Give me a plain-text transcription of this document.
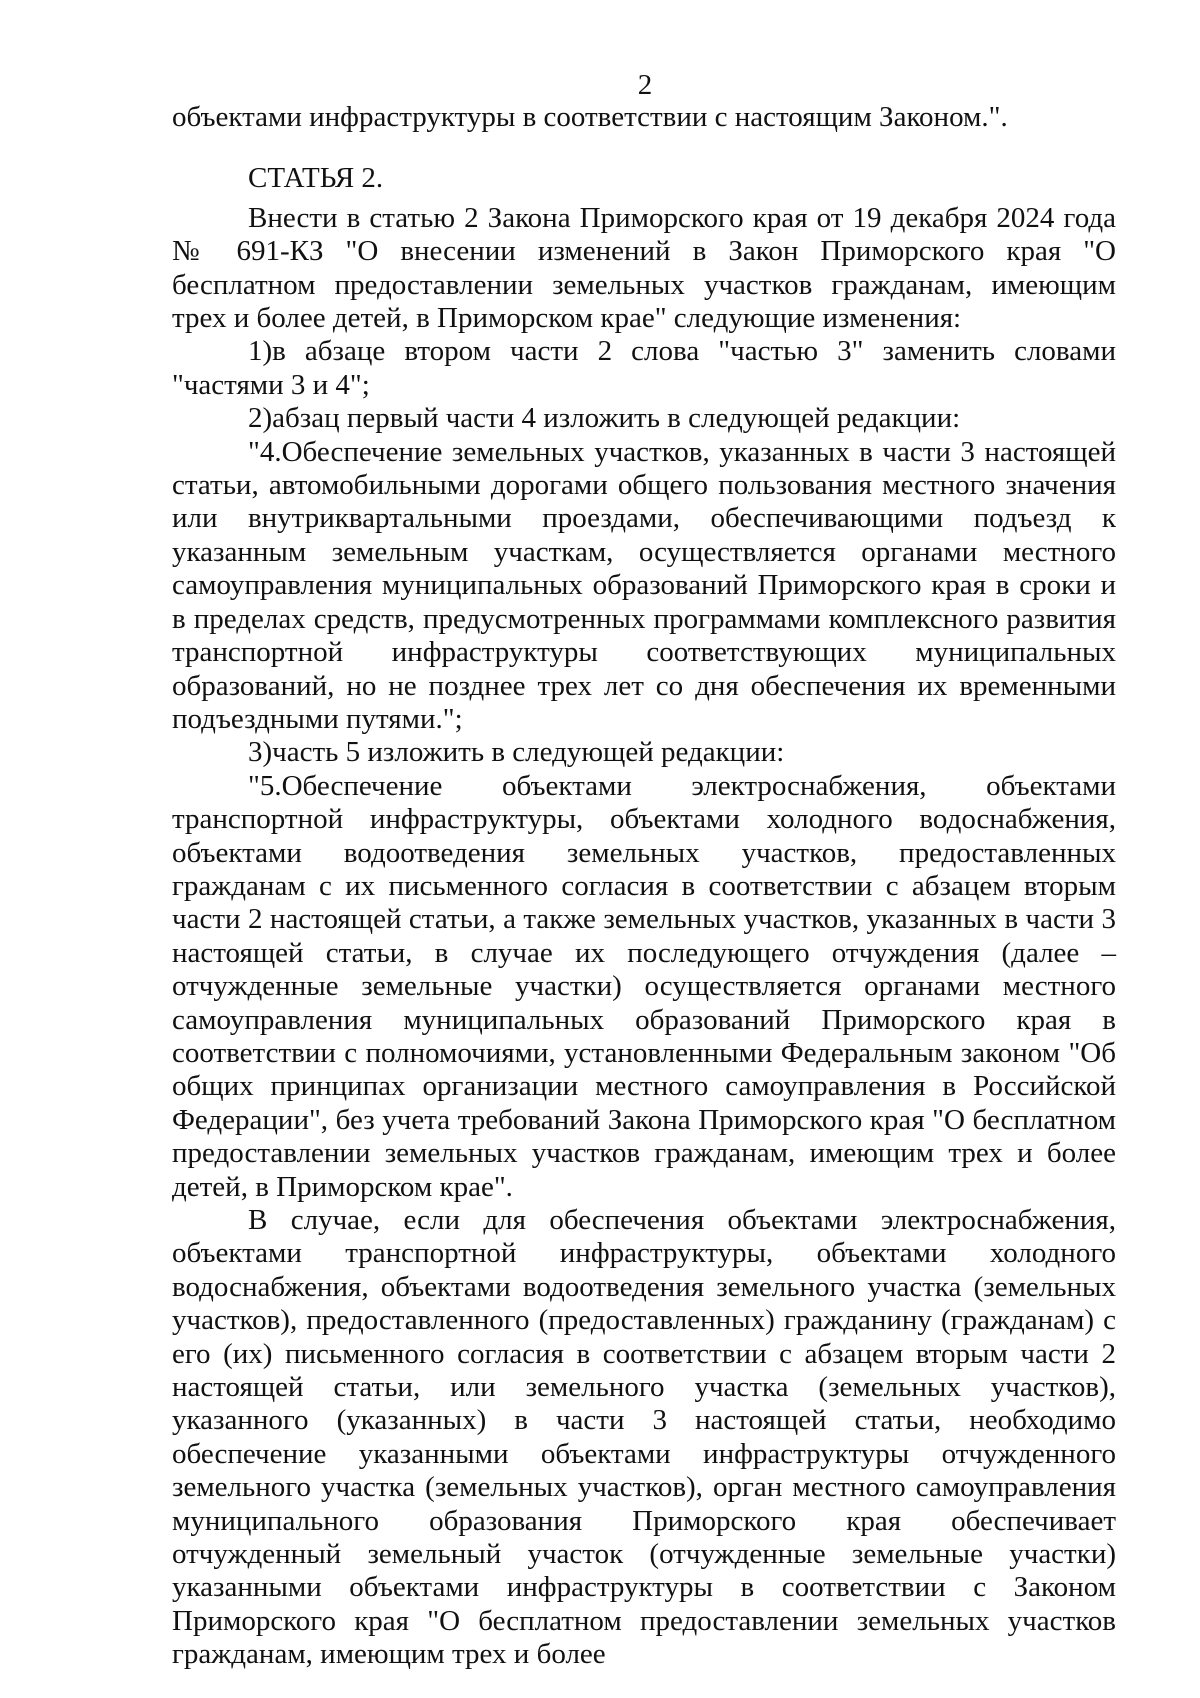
2

объектами инфраструктуры в соответствии с настоящим Законом.".

СТАТЬЯ 2.

Внести в статью 2 Закона Приморского края от 19 декабря 2024 года № 691-КЗ "О внесении изменений в Закон Приморского края "О бесплатном предоставлении земельных участков гражданам, имеющим трех и более детей, в Приморском крае" следующие изменения:

1)в абзаце втором части 2 слова "частью 3" заменить словами "частями 3 и 4";

2)абзац первый части 4 изложить в следующей редакции:

"4.Обеспечение земельных участков, указанных в части 3 настоящей статьи, автомобильными дорогами общего пользования местного значения или внутриквартальными проездами, обеспечивающими подъезд к указанным земельным участкам, осуществляется органами местного самоуправления муниципальных образований Приморского края в сроки и в пределах средств, предусмотренных программами комплексного развития транспортной инфраструктуры соответствующих муниципальных образований, но не позднее трех лет со дня обеспечения их временными подъездными путями.";

3)часть 5 изложить в следующей редакции:

"5.Обеспечение объектами электроснабжения, объектами транспортной инфраструктуры, объектами холодного водоснабжения, объектами водоотведения земельных участков, предоставленных гражданам с их письменного согласия в соответствии с абзацем вторым части 2 настоящей статьи, а также земельных участков, указанных в части 3 настоящей статьи, в случае их последующего отчуждения (далее – отчужденные земельные участки) осуществляется органами местного самоуправления муниципальных образований Приморского края в соответствии с полномочиями, установленными Федеральным законом "Об общих принципах организации местного самоуправления в Российской Федерации", без учета требований Закона Приморского края "О бесплатном предоставлении земельных участков гражданам, имеющим трех и более детей, в Приморском крае".

В случае, если для обеспечения объектами электроснабжения, объектами транспортной инфраструктуры, объектами холодного водоснабжения, объектами водоотведения земельного участка (земельных участков), предоставленного (предоставленных) гражданину (гражданам) с его (их) письменного согласия в соответствии с абзацем вторым части 2 настоящей статьи, или земельного участка (земельных участков), указанного (указанных) в части 3 настоящей статьи, необходимо обеспечение указанными объектами инфраструктуры отчужденного земельного участка (земельных участков), орган местного самоуправления муниципального образования Приморского края обеспечивает отчужденный земельный участок (отчужденные земельные участки) указанными объектами инфраструктуры в соответствии с Законом Приморского края "О бесплатном предоставлении земельных участков гражданам, имеющим трех и более
